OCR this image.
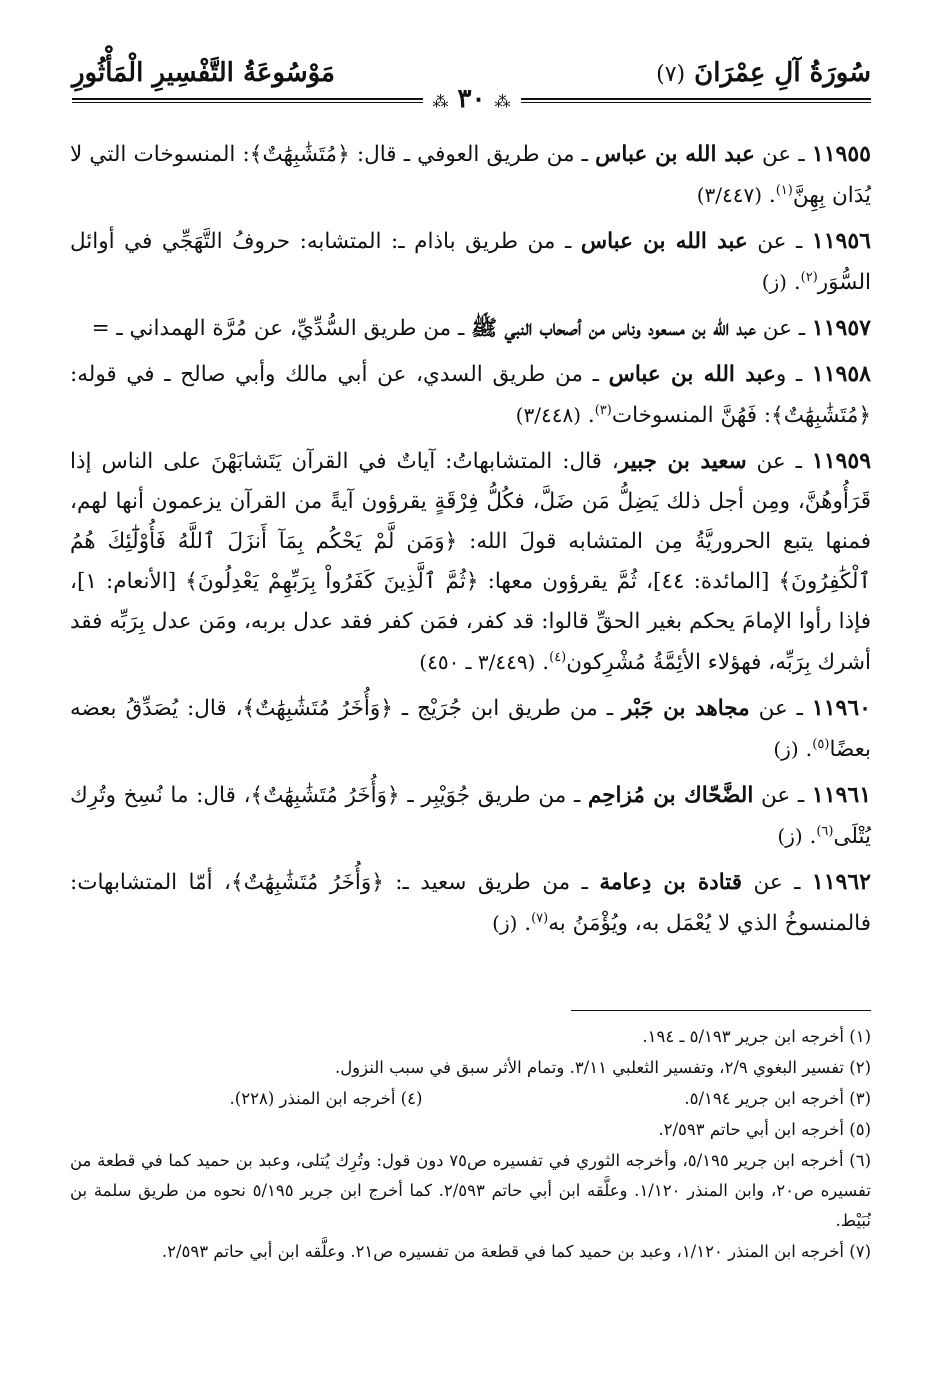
سُورَةُ آلِ عِمْرَانَ (٧)
مَوْسُوعَةُ التَّفْسِيرِ الْمَأْثُورِ
⁂ ٣٠ ⁂

١١٩٥٥ ـ عن عبد الله بن عباس ـ من طريق العوفي ـ قال: ﴿مُتَشَٰبِهَٰتٌ﴾: المنسوخات التي لا يُدَان بِهِنَّ$^{(١)}$. (٣/٤٤٧)

١١٩٥٦ ـ عن عبد الله بن عباس ـ من طريق باذام ـ: المتشابه: حروفُ التَّهَجِّي في أوائل السُّوَر$^{(٢)}$. (ز)

١١٩٥٧ ـ عن عبد الله بن مسعود وناس من أصحاب النبي ﷺ ـ من طريق السُّدِّيِّ، عن مُرَّة الهمداني ـ =

١١٩٥٨ ـ وعبد الله بن عباس ـ من طريق السدي، عن أبي مالك وأبي صالح ـ في قوله: ﴿مُتَشَٰبِهَٰتٌ﴾: فَهُنَّ المنسوخات$^{(٣)}$. (٣/٤٤٨)

١١٩٥٩ ـ عن سعيد بن جبير، قال: المتشابهاتُ: آياتٌ في القرآن يَتَشابَهْنَ على الناس إذا قَرَأُوهُنَّ، ومِن أجل ذلك يَضِلُّ مَن ضَلَّ، فكُلُّ فِرْقَةٍ يقرؤون آيةً من القرآن يزعمون أنها لهم، فمنها يتبع الحروريَّةُ مِن المتشابه قولَ الله: ﴿وَمَن لَّمْ يَحْكُم بِمَآ أَنزَلَ ٱللَّهُ فَأُوْلَٰٓئِكَ هُمُ ٱلْكَٰفِرُونَ﴾ [المائدة: ٤٤]، ثُمَّ يقرؤون معها: ﴿ثُمَّ ٱلَّذِينَ كَفَرُواْ بِرَبِّهِمْ يَعْدِلُونَ﴾ [الأنعام: ١]، فإذا رأوا الإمامَ يحكم بغير الحقِّ قالوا: قد كفر، فمَن كفر فقد عدل بربه، ومَن عدل بِرَبِّه فقد أشرك بِرَبِّه، فهؤلاء الأئِمَّةُ مُشْرِكون$^{(٤)}$. (٣/٤٤٩ ـ ٤٥٠)

١١٩٦٠ ـ عن مجاهد بن جَبْر ـ من طريق ابن جُرَيْج ـ ﴿وَأُخَرُ مُتَشَٰبِهَٰتٌ﴾، قال: يُصَدِّقُ بعضه بعضًا$^{(٥)}$. (ز)

١١٩٦١ ـ عن الضَّحّاك بن مُزاحِم ـ من طريق جُوَيْبِر ـ ﴿وَأُخَرُ مُتَشَٰبِهَٰتٌ﴾، قال: ما نُسِخ وتُرِك يُتْلَى$^{(٦)}$. (ز)

١١٩٦٢ ـ عن قتادة بن دِعامة ـ من طريق سعيد ـ: ﴿وَأُخَرُ مُتَشَٰبِهَٰتٌ﴾، أمّا المتشابهات: فالمنسوخُ الذي لا يُعْمَل به، ويُؤْمَنُ به$^{(٧)}$. (ز)

(١) أخرجه ابن جرير ٥/١٩٣ ـ ١٩٤.

(٢) تفسير البغوي ٢/٩، وتفسير الثعلبي ٣/١١. وتمام الأثر سبق في سبب النزول.

(٣) أخرجه ابن جرير ٥/١٩٤.
(٤) أخرجه ابن المنذر (٢٢٨).

(٥) أخرجه ابن أبي حاتم ٢/٥٩٣.

(٦) أخرجه ابن جرير ٥/١٩٥، وأخرجه الثوري في تفسيره ص٧٥ دون قول: وتُرِك يُتلى، وعبد بن حميد كما في قطعة من تفسيره ص٢٠، وابن المنذر ١/١٢٠. وعلَّقه ابن أبي حاتم ٢/٥٩٣. كما أخرج ابن جرير ٥/١٩٥ نحوه من طريق سلمة بن نُبَيْط.

(٧) أخرجه ابن المنذر ١/١٢٠، وعبد بن حميد كما في قطعة من تفسيره ص٢١. وعلَّقه ابن أبي حاتم ٢/٥٩٣.
